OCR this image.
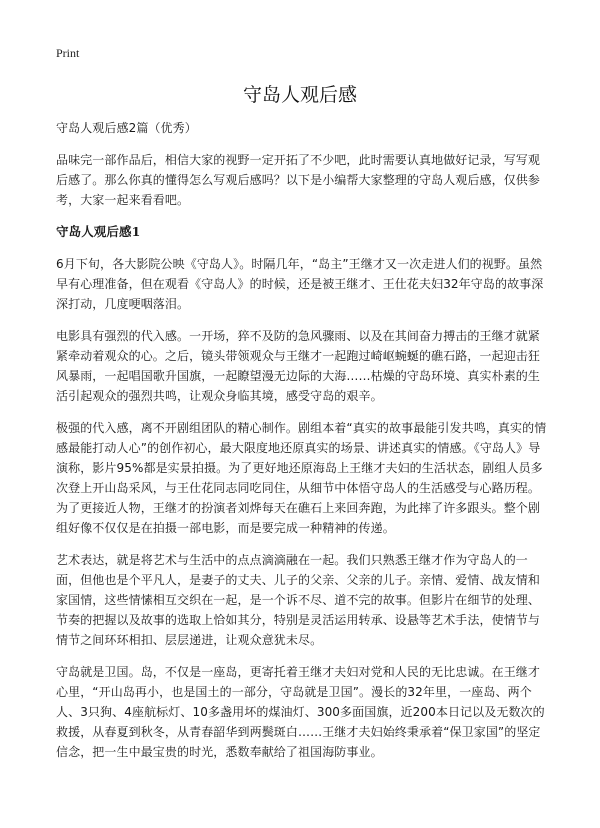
Print
守岛人观后感

守岛人观后感2篇（优秀）

品味完一部作品后，相信大家的视野一定开拓了不少吧，此时需要认真地做好记录，写写观后感了。那么你真的懂得怎么写观后感吗？以下是小编帮大家整理的守岛人观后感，仅供参考，大家一起来看看吧。

守岛人观后感1

6月下旬，各大影院公映《守岛人》。时隔几年，“岛主”王继才又一次走进人们的视野。虽然早有心理准备，但在观看《守岛人》的时候，还是被王继才、王仕花夫妇32年守岛的故事深深打动，几度哽咽落泪。

电影具有强烈的代入感。一开场，猝不及防的急风骤雨、以及在其间奋力搏击的王继才就紧紧牵动着观众的心。之后，镜头带领观众与王继才一起跑过崎岖蜿蜒的礁石路，一起迎击狂风暴雨，一起唱国歌升国旗，一起瞭望漫无边际的大海……枯燥的守岛环境、真实朴素的生活引起观众的强烈共鸣，让观众身临其境，感受守岛的艰辛。

极强的代入感，离不开剧组团队的精心制作。剧组本着“真实的故事最能引发共鸣，真实的情感最能打动人心”的创作初心，最大限度地还原真实的场景、讲述真实的情感。《守岛人》导演称，影片95%都是实景拍摄。为了更好地还原海岛上王继才夫妇的生活状态，剧组人员多次登上开山岛采风，与王仕花同志同吃同住，从细节中体悟守岛人的生活感受与心路历程。为了更接近人物，王继才的扮演者刘烨每天在礁石上来回奔跑，为此摔了许多跟头。整个剧组好像不仅仅是在拍摄一部电影，而是要完成一种精神的传递。

艺术表达，就是将艺术与生活中的点点滴滴融在一起。我们只熟悉王继才作为守岛人的一面，但他也是个平凡人，是妻子的丈夫、儿子的父亲、父亲的儿子。亲情、爱情、战友情和家国情，这些情愫相互交织在一起，是一个诉不尽、道不完的故事。但影片在细节的处理、节奏的把握以及故事的选取上恰如其分，特别是灵活运用转承、设悬等艺术手法，使情节与情节之间环环相扣、层层递进，让观众意犹未尽。

守岛就是卫国。岛，不仅是一座岛，更寄托着王继才夫妇对党和人民的无比忠诚。在王继才心里，“开山岛再小，也是国土的一部分，守岛就是卫国”。漫长的32年里，一座岛、两个人、3只狗、4座航标灯、10多盏用坏的煤油灯、300多面国旗，近200本日记以及无数次的救援，从春夏到秋冬，从青春韶华到两鬓斑白……王继才夫妇始终秉承着“保卫家国”的坚定信念，把一生中最宝贵的时光，悉数奉献给了祖国海防事业。
